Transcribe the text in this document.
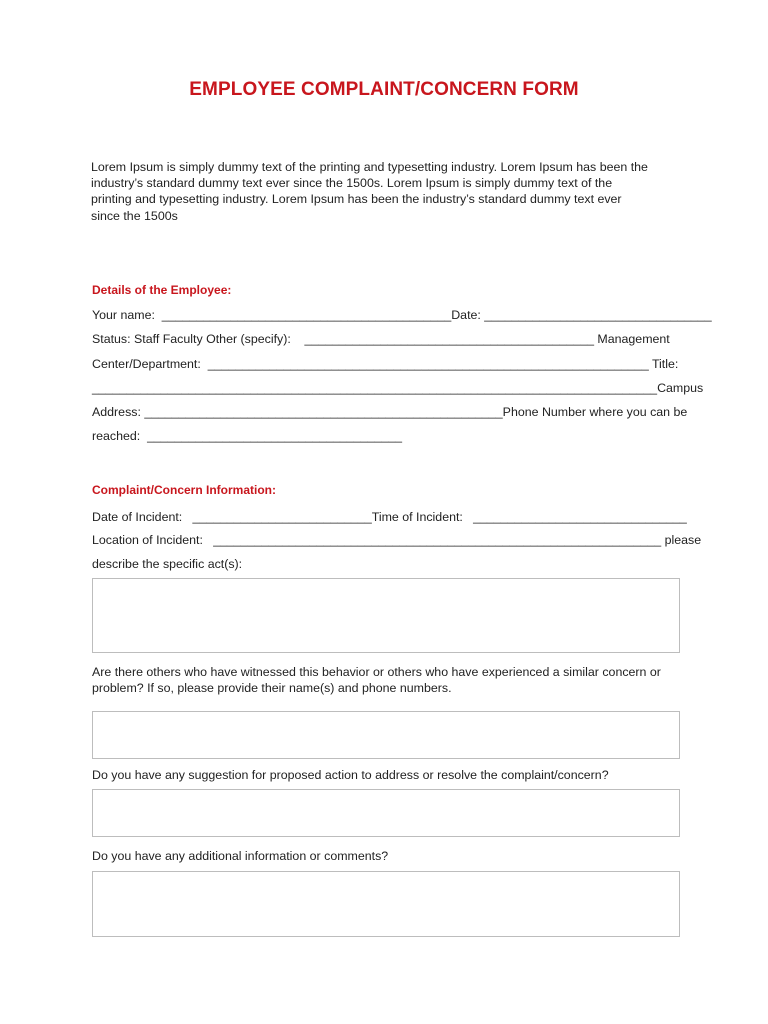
EMPLOYEE COMPLAINT/CONCERN FORM
Lorem Ipsum is simply dummy text of the printing and typesetting industry. Lorem Ipsum has been the industry’s standard dummy text ever since the 1500s. Lorem Ipsum is simply dummy text of the printing and typesetting industry. Lorem Ipsum has been the industry’s standard dummy text ever since the 1500s
Details of the Employee:
Your name:  __________________________________________Date: _________________________________
Status: Staff Faculty Other (specify):    __________________________________________ Management
Center/Department:  ________________________________________________________________ Title:
__________________________________________________________________________________Campus
Address: ____________________________________________________Phone Number where you can be
reached:  _____________________________________
Complaint/Concern Information:
Date of Incident:   __________________________Time of Incident:   _______________________________
Location of Incident:   _________________________________________________________________ please
describe the specific act(s):
Are there others who have witnessed this behavior or others who have experienced a similar concern or problem? If so, please provide their name(s) and phone numbers.
Do you have any suggestion for proposed action to address or resolve the complaint/concern?
Do you have any additional information or comments?
